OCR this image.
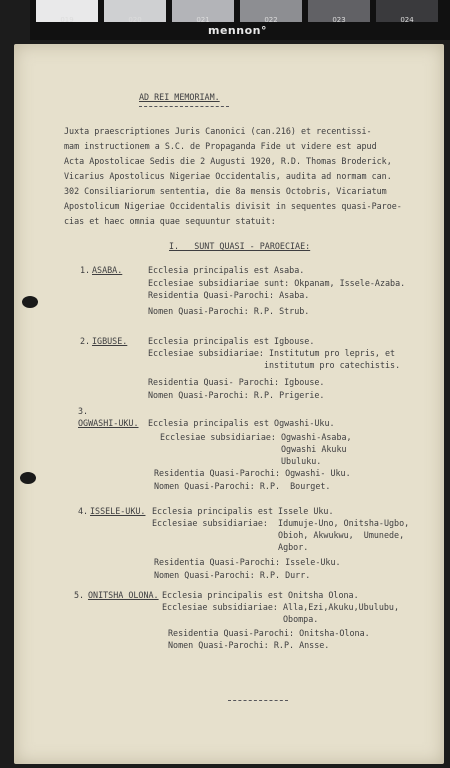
019	020	021	022	023	024
mennon°
AD REI MEMORIAM.
Juxta praescriptiones Juris Canonici (can.216) et recentissi-
mam instructionem a S.C. de Propaganda Fide ut videre est apud
Acta Apostolicae Sedis die 2 Augusti 1920, R.D. Thomas Broderick,
Vicarius Apostolicus Nigeriae Occidentalis, audita ad normam can.
302 Consiliariorum sententia, die 8a mensis Octobris, Vicariatum
Apostolicum Nigeriae Occidentalis divisit in sequentes quasi-Paroe-
cias et haec omnia quae sequuntur statuit:
I.   SUNT QUASI - PAROECIAE:
1. ASABA.	Ecclesia principalis est Asaba.
Ecclesiae subsidiariae sunt: Okpanam, Issele-Azaba.
Residentia Quasi-Parochi: Asaba.
Nomen Quasi-Parochi: R.P. Strub.
2. IGBUSE. Ecclesia principalis est Igbouse.
Ecclesiae subsidiariae: Institutum pro lepris, et
institutum pro catechistis.
Residentia Quasi- Parochi: Igbouse.
Nomen Quasi-Parochi: R.P. Prigerie.
3.
OGWASHI-UKU. Ecclesia principalis est Ogwashi-Uku.
Ecclesiae subsidiariae: Ogwashi-Asaba,
Ogwashi Akuku
Ubuluku.
Residentia Quasi-Parochi: Ogwashi- Uku.
Nomen Quasi-Parochi: R.P.  Bourget.
4. ISSELE-UKU. Ecclesia principalis est Issele Uku.
Ecclesiae subsidiariae:  Idumuje-Uno, Onitsha-Ugbo,
Obioh, Akwukwu,  Umunede,
Agbor.
Residentia Quasi-Parochi: Issele-Uku.
Nomen Quasi-Parochi: R.P. Durr.
5. ONITSHA OLONA. Ecclesia principalis est Onitsha Olona.
Ecclesiae subsidiariae: Alla,Ezi,Akuku,Ubulubu,
Obompa.
Residentia Quasi-Parochi: Onitsha-Olona.
Nomen Quasi-Parochi: R.P. Ansse.
